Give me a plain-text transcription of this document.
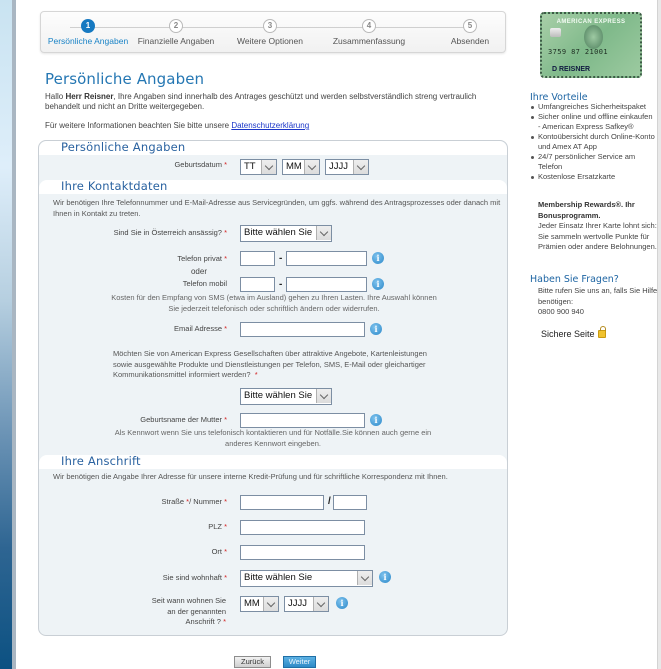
1
Persönliche Angaben
2
Finanzielle Angaben
3
Weitere Optionen
4
Zusammenfassung
5
Absenden
Persönliche Angaben
Hallo Herr Reisner, Ihre Angaben sind innerhalb des Antrages geschützt und werden selbstverständlich streng vertraulich behandelt und nicht an Dritte weitergegeben.
Für weitere Informationen beachten Sie bitte unsere Datenschutzerklärung
Persönliche Angaben
Geburtsdatum *	TT	MM	JJJJ
Ihre Kontaktdaten
Wir benötigen Ihre Telefonnummer und E-Mail-Adresse aus Servicegründen, um ggfs. während des Antragsprozesses oder danach mit Ihnen in Kontakt zu treten.
Sind Sie in Österreich ansässig? *	Bitte wählen Sie
Telefon privat *	-	i
oder
Telefon mobil	-	i
Kosten für den Empfang von SMS (etwa im Ausland) gehen zu Ihren Lasten. Ihre Auswahl können Sie jederzeit telefonisch oder schriftlich ändern oder widerrufen.
Email Adresse *	i
Möchten Sie von American Express Gesellschaften über attraktive Angebote, Kartenleistungen sowie ausgewählte Produkte und Dienstleistungen per Telefon, SMS, E-Mail oder gleichartiger Kommunikationsmittel informiert werden? *
Bitte wählen Sie
Geburtsname der Mutter *	i
Als Kennwort wenn Sie uns telefonisch kontaktieren und für Notfälle.Sie können auch gerne ein anderes Kennwort eingeben.
Ihre Anschrift
Wir benötigen die Angabe Ihrer Adresse für unsere interne Kredit-Prüfung und für schriftliche Korrespondenz mit Ihnen.
Straße */ Nummer *	/
PLZ *
Ort *
Sie sind wohnhaft *	Bitte wählen Sie	i
Seit wann wohnen Sie
an der genannten
Anschrift ? *
MM	JJJJ	i
Zurück	Weiter
AMERICAN EXPRESS
3759 87 21001
D REISNER
Ihre Vorteile
Umfangreiches Sicherheitspaket
Sicher online und offline einkaufen - American Express Safkey®
Kontoübersicht durch Online-Konto und Amex AT App
24/7 persönlicher Service am Telefon
Kostenlose Ersatzkarte
Membership Rewards®. Ihr Bonusprogramm.
Jeder Einsatz Ihrer Karte lohnt sich: Sie sammeln wertvolle Punkte für Prämien oder andere Belohnungen.
Haben Sie Fragen?
Bitte rufen Sie uns an, falls Sie Hilfe benötigen:
0800 900 940
Sichere Seite
